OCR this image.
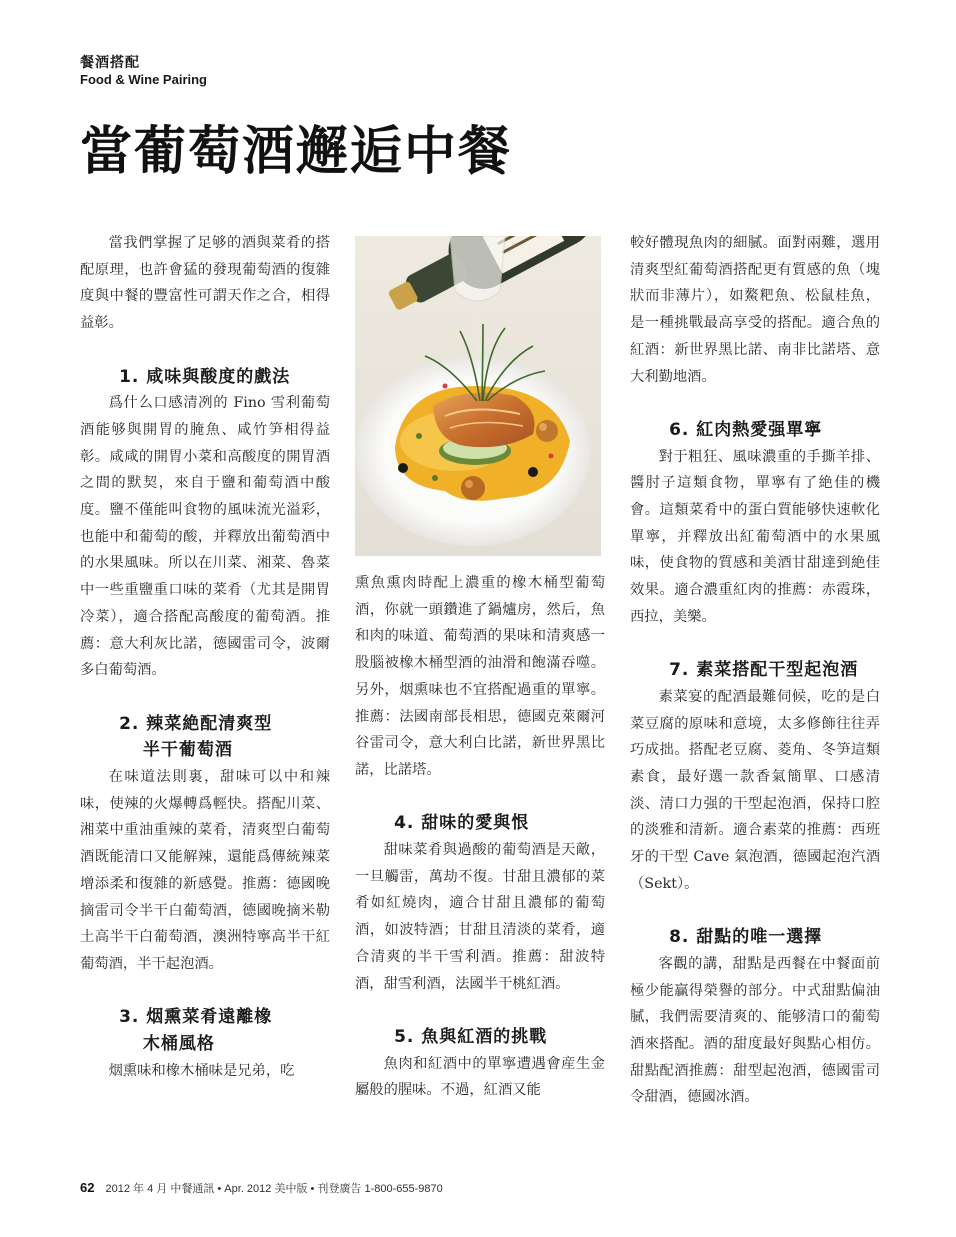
餐酒搭配
Food & Wine Pairing
當葡萄酒邂逅中餐

當我們掌握了足够的酒與菜肴的搭配原理，也許會猛的發現葡萄酒的復雜度與中餐的豐富性可謂天作之合，相得益彰。

1. 咸味與酸度的戲法

爲什么口感清冽的 Fino 雪利葡萄酒能够與開胃的腌魚、咸竹笋相得益彰。咸咸的開胃小菜和高酸度的開胃酒之間的默契，來自于鹽和葡萄酒中酸度。鹽不僅能叫食物的風味流光溢彩，也能中和葡萄的酸，并釋放出葡萄酒中的水果風味。所以在川菜、湘菜、魯菜中一些重鹽重口味的菜肴（尤其是開胃冷菜），適合搭配高酸度的葡萄酒。推薦：意大利灰比諾，德國雷司令，波爾多白葡萄酒。

2. 辣菜絶配清爽型
半干葡萄酒

在味道法則裏，甜味可以中和辣味，使辣的火爆轉爲輕快。搭配川菜、湘菜中重油重辣的菜肴，清爽型白葡萄酒既能清口又能解辣，還能爲傳統辣菜增添柔和復雜的新感覺。推薦：德國晚摘雷司令半干白葡萄酒，德國晚摘米勒土高半干白葡萄酒，澳洲特寧高半干紅葡萄酒，半干起泡酒。

3. 烟熏菜肴遠離橡
木桶風格

烟熏味和橡木桶味是兄弟，吃

熏魚熏肉時配上濃重的橡木桶型葡萄酒，你就一頭鑽進了鍋爐房，然后，魚和肉的味道、葡萄酒的果味和清爽感一股腦被橡木桶型酒的油滑和飽滿吞噬。另外，烟熏味也不宜搭配過重的單寧。推薦：法國南部長相思，德國克萊爾河谷雷司令，意大利白比諾，新世界黑比諾，比諾塔。

4. 甜味的愛與恨

甜味菜肴與過酸的葡萄酒是天敵，一旦觸雷，萬劫不復。甘甜且濃郁的菜肴如紅燒肉，適合甘甜且濃郁的葡萄酒，如波特酒；甘甜且清淡的菜肴，適合清爽的半干雪利酒。推薦：甜波特酒，甜雪利酒，法國半干桃紅酒。

5. 魚與紅酒的挑戰

魚肉和紅酒中的單寧遭遇會産生金屬般的腥味。不過，紅酒又能

較好體現魚肉的細膩。面對兩難，選用清爽型紅葡萄酒搭配更有質感的魚（塊狀而非薄片），如鰲粑魚、松鼠桂魚，是一種挑戰最高享受的搭配。適合魚的紅酒：新世界黑比諾、南非比諾塔、意大利勤地酒。

6. 紅肉熱愛强單寧

對于粗狂、風味濃重的手撕羊排、醬肘子這類食物，單寧有了絶佳的機會。這類菜肴中的蛋白質能够快速軟化單寧，并釋放出紅葡萄酒中的水果風味，使食物的質感和美酒甘甜達到絶佳效果。適合濃重紅肉的推薦：赤霞珠，西拉，美樂。

7. 素菜搭配干型起泡酒

素菜宴的配酒最難伺候，吃的是白菜豆腐的原味和意境，太多修飾往往弄巧成拙。搭配老豆腐、菱角、冬笋這類素食，最好選一款香氣簡單、口感清淡、清口力强的干型起泡酒，保持口腔的淡雅和清新。適合素菜的推薦：西班牙的干型 Cave 氣泡酒，德國起泡汽酒（Sekt）。

8. 甜點的唯一選擇

客觀的講，甜點是西餐在中餐面前極少能贏得榮譽的部分。中式甜點偏油膩，我們需要清爽的、能够清口的葡萄酒來搭配。酒的甜度最好與點心相仿。甜點配酒推薦：甜型起泡酒，德國雷司令甜酒，德國冰酒。

62 2012 年 4 月 中餐通訊 • Apr. 2012 美中版 • 刊登廣告 1-800-655-9870
